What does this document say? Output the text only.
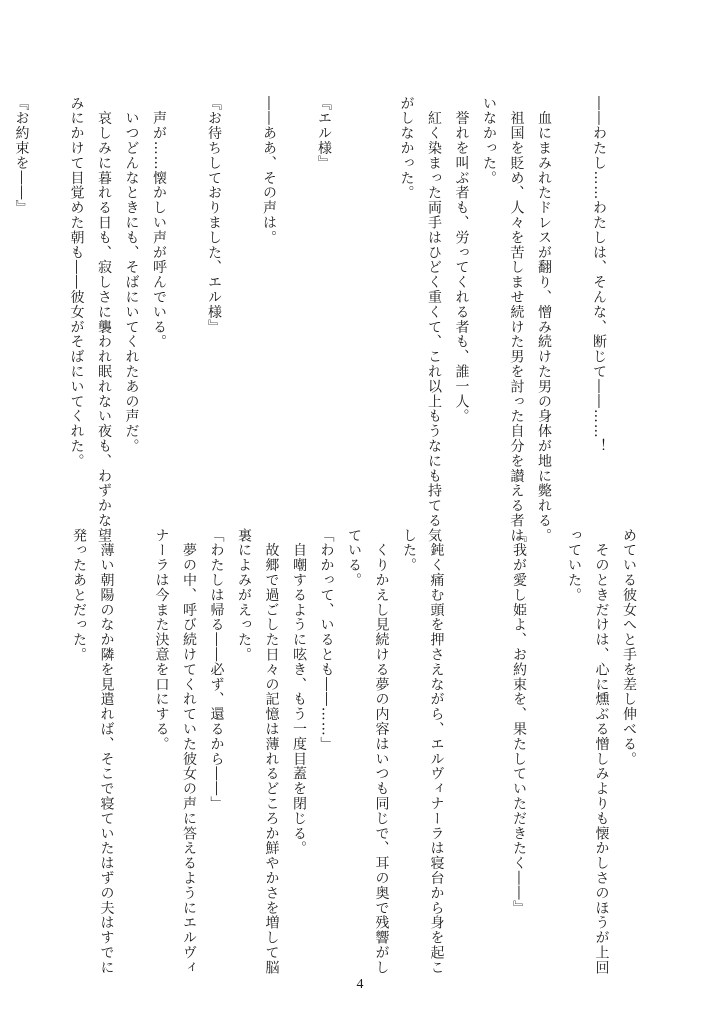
――わたし……わたしは、そんな、断じて――……！

　血にまみれたドレスが翻り、憎み続けた男の身体が地に斃れる。
　祖国を貶め、人々を苦しませ続けた男を討った自分を讃える者は
いなかった。
　誉れを叫ぶ者も、労ってくれる者も、誰一人。
　紅く染まった両手はひどく重くて、これ以上もうなにも持てる気
がしなかった。

『エル様』

――ああ、その声は。

『お待ちしておりました、エル様』

　声が……懐かしい声が呼んでいる。
　いつどんなときにも、そばにいてくれたあの声だ。
　哀しみに暮れる日も、寂しさに襲われ眠れない夜も、わずかな望
みにかけて目覚めた朝も――彼女がそばにいてくれた。

『お約束を――』

めている彼女へと手を差し伸べる。
　そのときだけは、心に燻ぶる憎しみよりも懐かしさのほうが上回
っていた。

『我が愛し姫よ、お約束を、果たしていただきたく――』

　鈍く痛む頭を押さえながら、エルヴィナーラは寝台から身を起こ
した。
　くりかえし見続ける夢の内容はいつも同じで、耳の奥で残響がし
ている。
「わかって、いるとも――……」
　自嘲するように呟き、もう一度目蓋を閉じる。
　故郷で過ごした日々の記憶は薄れるどころか鮮やかさを増して脳
裏によみがえった。
「わたしは帰る――必ず、還るから――」
　夢の中、呼び続けてくれていた彼女の声に答えるようにエルヴィ
ナーラは今また決意を口にする。

　薄い朝陽のなか隣を見遣れば、そこで寝ていたはずの夫はすでに
発ったあとだった。
4
